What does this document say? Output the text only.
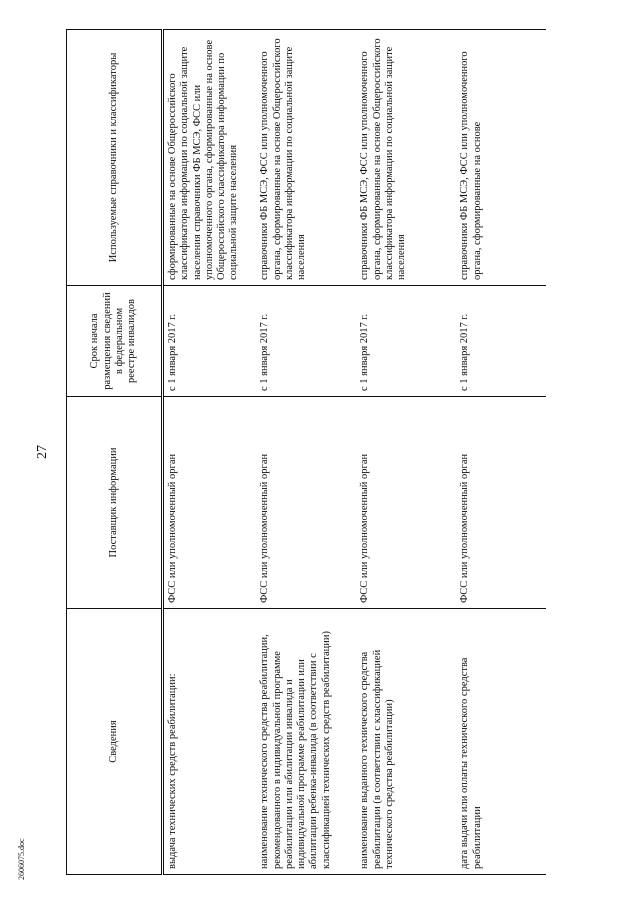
27
Сведения	Поставщик информации	Срок начала размещения сведений в федеральном реестре инвалидов	Используемые справочники и классификаторы
выдача технических средств реабилитации:	ФСС или уполномоченный орган	с 1 января 2017 г.	сформированные на основе Общероссийского классификатора информации по социальной защите населения справочники ФБ МСЭ, ФСС или уполномоченного органа, сформированные на основе Общероссийского классификатора информации по социальной защите населения
наименование технического средства реабилитации, рекомендованного в индивидуальной программе реабилитации или абилитации инвалида и индивидуальной программе реабилитации или абилитации ребенка-инвалида (в соответствии с классификацией технических средств реабилитации)	ФСС или уполномоченный орган	с 1 января 2017 г.	справочники ФБ МСЭ, ФСС или уполномоченного органа, сформированные на основе Общероссийского классификатора информации по социальной защите населения
наименование выданного технического средства реабилитации (в соответствии с классификацией технического средства реабилитации)	ФСС или уполномоченный орган	с 1 января 2017 г.	справочники ФБ МСЭ, ФСС или уполномоченного органа, сформированные на основе Общероссийского классификатора информации по социальной защите населения
дата выдачи или оплаты технического средства реабилитации	ФСС или уполномоченный орган	с 1 января 2017 г.	справочники ФБ МСЭ, ФСС или уполномоченного органа, сформированные на основе
2606075.doc
